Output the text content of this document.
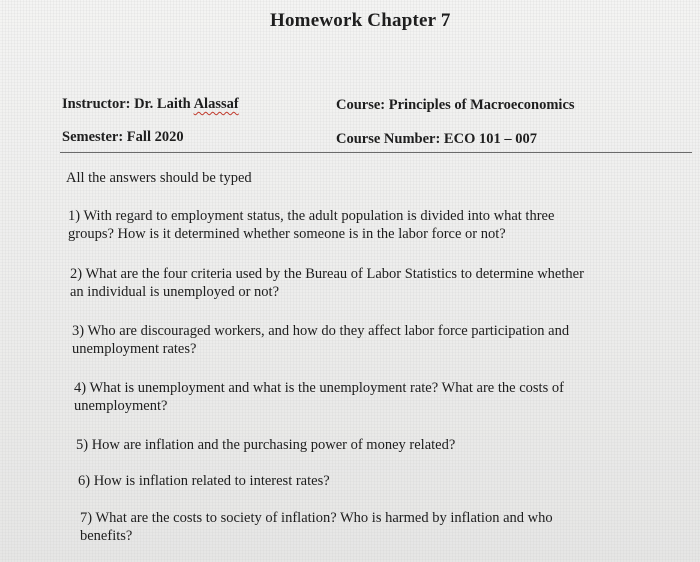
Homework Chapter 7
Instructor: Dr. Laith Alassaf	Course: Principles of Macroeconomics
Semester: Fall 2020	Course Number: ECO 101 – 007
All the answers should be typed
1) With regard to employment status, the adult population is divided into what three
groups? How is it determined whether someone is in the labor force or not?
2) What are the four criteria used by the Bureau of Labor Statistics to determine whether
an individual is unemployed or not?
3) Who are discouraged workers, and how do they affect labor force participation and
unemployment rates?
4) What is unemployment and what is the unemployment rate? What are the costs of
unemployment?
5) How are inflation and the purchasing power of money related?
6) How is inflation related to interest rates?
7) What are the costs to society of inflation? Who is harmed by inflation and who
benefits?
